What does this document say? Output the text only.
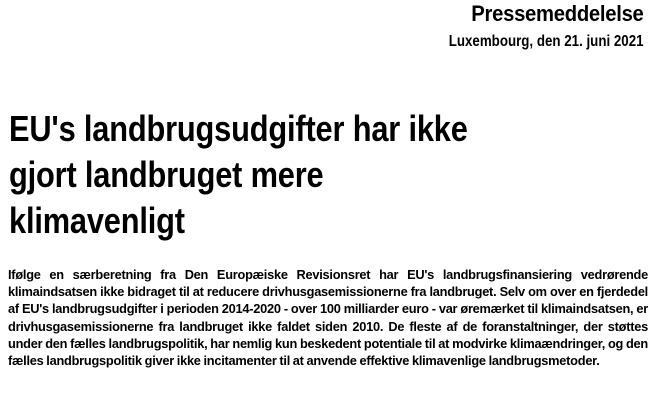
Pressemeddelelse
Luxembourg, den 21. juni 2021
EU's landbrugsudgifter har ikke
gjort landbruget mere
klimavenligt

Ifølge en særberetning fra Den Europæiske Revisionsret har EU's landbrugsfinansiering vedrørende klimaindsatsen ikke bidraget til at reducere drivhusgasemissionerne fra landbruget. Selv om over en fjerdedel af EU's landbrugsudgifter i perioden 2014-2020 - over 100 milliarder euro - var øremærket til klimaindsatsen, er drivhusgasemissionerne fra landbruget ikke faldet siden 2010. De fleste af de foranstaltninger, der støttes under den fælles landbrugspolitik, har nemlig kun beskedent potentiale til at modvirke klimaændringer, og den fælles landbrugspolitik giver ikke incitamenter til at anvende effektive klimavenlige landbrugsmetoder.
